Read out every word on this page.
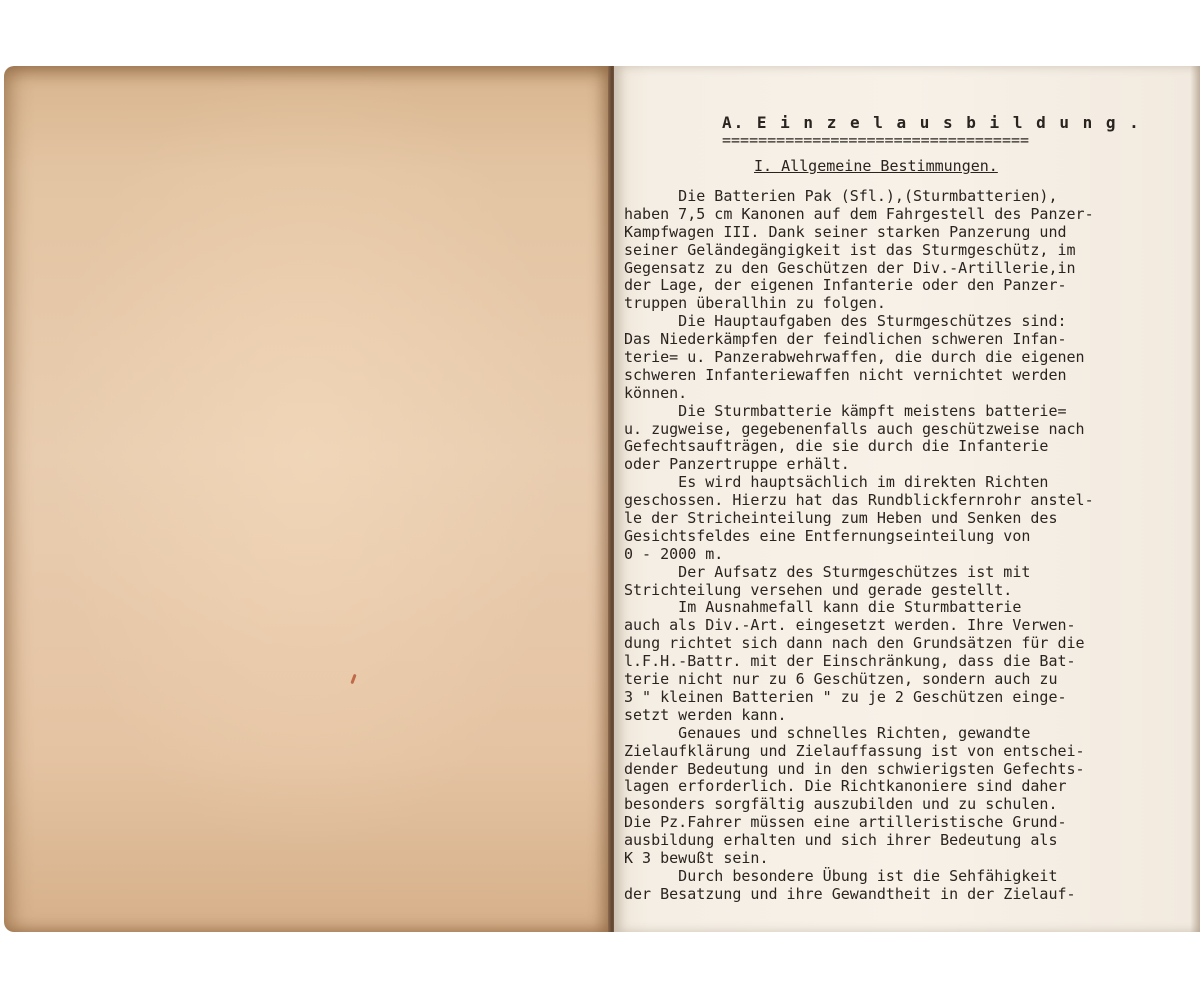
A. E i n z e l a u s b i l d u n g .
==================================
I. Allgemeine Bestimmungen.
Die Batterien Pak (Sfl.),(Sturmbatterien),
haben 7,5 cm Kanonen auf dem Fahrgestell des Panzer-
Kampfwagen III. Dank seiner starken Panzerung und
seiner Geländegängigkeit ist das Sturmgeschütz, im
Gegensatz zu den Geschützen der Div.-Artillerie,in
der Lage, der eigenen Infanterie oder den Panzer-
truppen überallhin zu folgen.
Die Hauptaufgaben des Sturmgeschützes sind:
Das Niederkämpfen der feindlichen schweren Infan-
terie= u. Panzerabwehrwaffen, die durch die eigenen
schweren Infanteriewaffen nicht vernichtet werden
können.
Die Sturmbatterie kämpft meistens batterie=
u. zugweise, gegebenenfalls auch geschützweise nach
Gefechtsaufträgen, die sie durch die Infanterie
oder Panzertruppe erhält.
Es wird hauptsächlich im direkten Richten
geschossen. Hierzu hat das Rundblickfernrohr anstel-
le der Stricheinteilung zum Heben und Senken des
Gesichtsfeldes eine Entfernungseinteilung von
0 - 2000 m.
Der Aufsatz des Sturmgeschützes ist mit
Strichteilung versehen und gerade gestellt.
Im Ausnahmefall kann die Sturmbatterie
auch als Div.-Art. eingesetzt werden. Ihre Verwen-
dung richtet sich dann nach den Grundsätzen für die
l.F.H.-Battr. mit der Einschränkung, dass die Bat-
terie nicht nur zu 6 Geschützen, sondern auch zu
3 " kleinen Batterien " zu je 2 Geschützen einge-
setzt werden kann.
Genaues und schnelles Richten, gewandte
Zielaufklärung und Zielauffassung ist von entschei-
dender Bedeutung und in den schwierigsten Gefechts-
lagen erforderlich. Die Richtkanoniere sind daher
besonders sorgfältig auszubilden und zu schulen.
Die Pz.Fahrer müssen eine artilleristische Grund-
ausbildung erhalten und sich ihrer Bedeutung als
K 3 bewußt sein.
Durch besondere Übung ist die Sehfähigkeit
der Besatzung und ihre Gewandtheit in der Zielauf-
